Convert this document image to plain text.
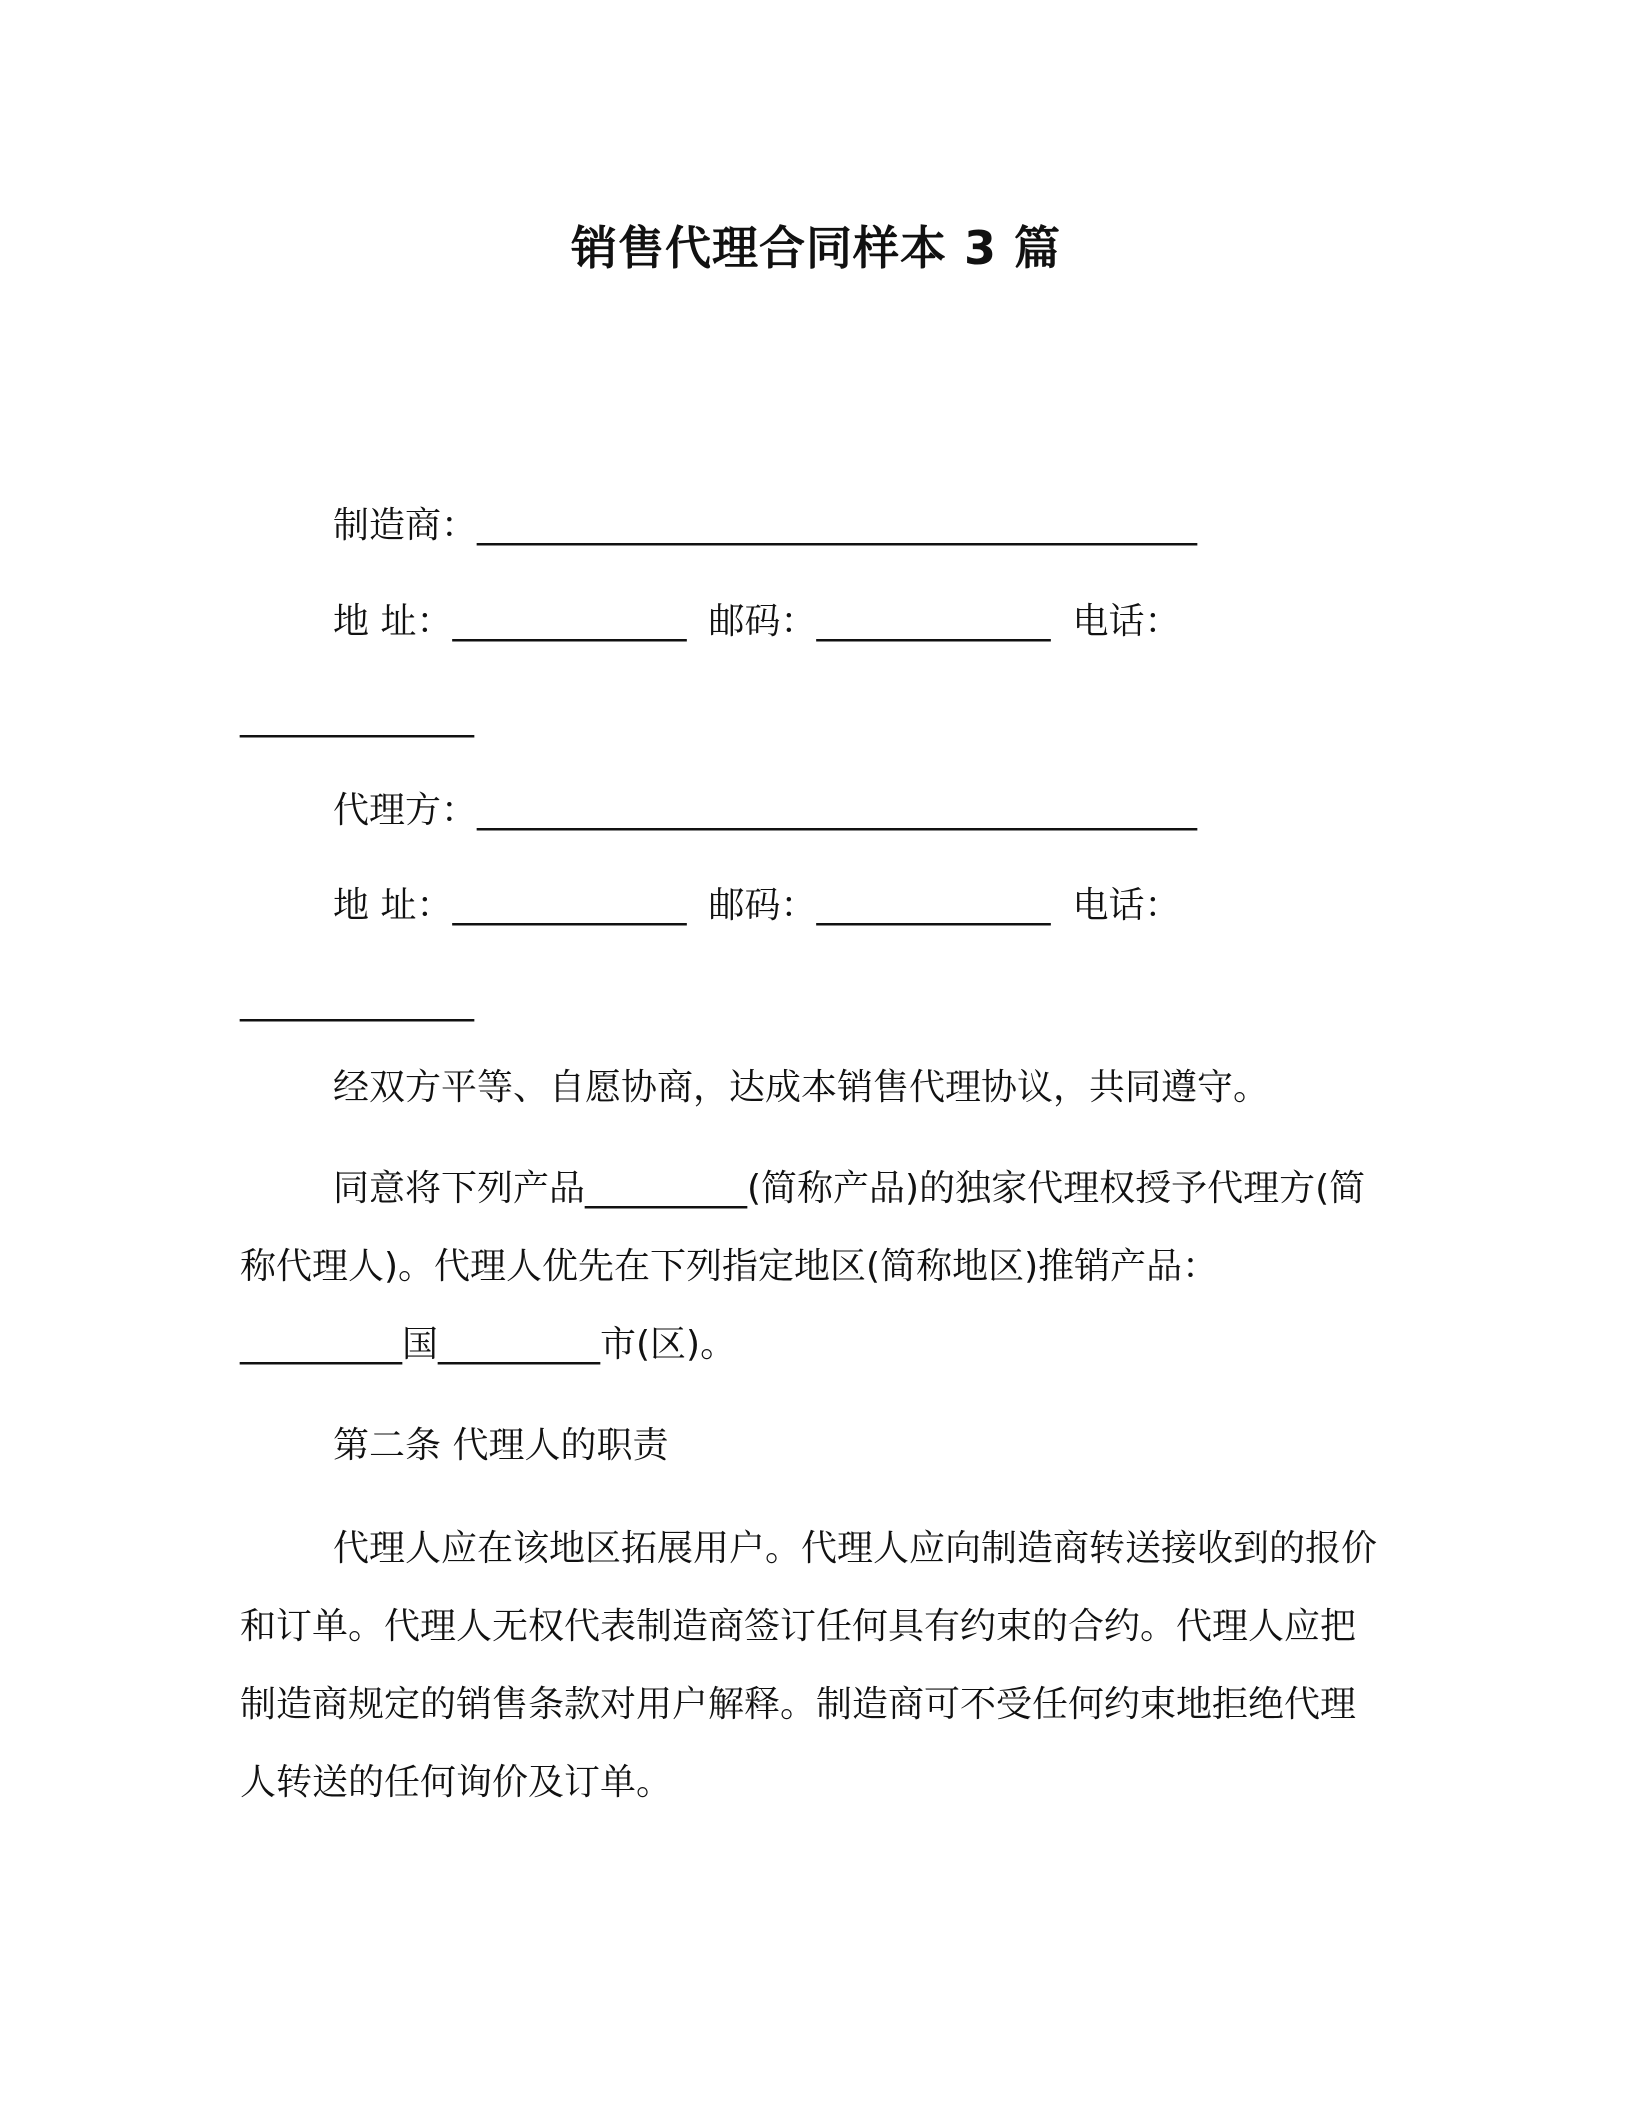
销售代理合同样本 3 篇
制造商：________________________________________
地 址：_____________ 邮码：_____________ 电话：
_____________
代理方：________________________________________
地 址：_____________ 邮码：_____________ 电话：
_____________
经双方平等、自愿协商，达成本销售代理协议，共同遵守。
同意将下列产品_________(简称产品)的独家代理权授予代理方(简称代理人)。代理人优先在下列指定地区(简称地区)推销产品：_________国_________市(区)。
第二条 代理人的职责
代理人应在该地区拓展用户。代理人应向制造商转送接收到的报价和订单。代理人无权代表制造商签订任何具有约束的合约。代理人应把制造商规定的销售条款对用户解释。制造商可不受任何约束地拒绝代理人转送的任何询价及订单。
